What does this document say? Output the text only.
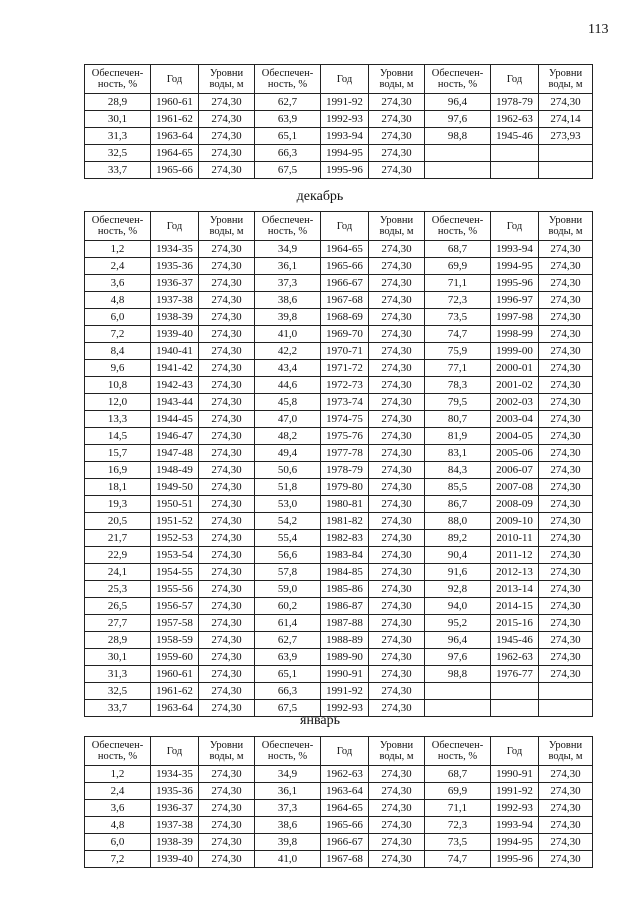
113
Обеспечен-ность, %	Год	Уровни воды, м	Обеспечен-ность, %	Год	Уровни воды, м	Обеспечен-ность, %	Год	Уровни воды, м
28,9	1960-61	274,30	62,7	1991-92	274,30	96,4	1978-79	274,30
30,1	1961-62	274,30	63,9	1992-93	274,30	97,6	1962-63	274,14
31,3	1963-64	274,30	65,1	1993-94	274,30	98,8	1945-46	273,93
32,5	1964-65	274,30	66,3	1994-95	274,30			
33,7	1965-66	274,30	67,5	1995-96	274,30			
декабрь
Обеспечен-ность, %	Год	Уровни воды, м	Обеспечен-ность, %	Год	Уровни воды, м	Обеспечен-ность, %	Год	Уровни воды, м
1,2	1934-35	274,30	34,9	1964-65	274,30	68,7	1993-94	274,30
2,4	1935-36	274,30	36,1	1965-66	274,30	69,9	1994-95	274,30
3,6	1936-37	274,30	37,3	1966-67	274,30	71,1	1995-96	274,30
4,8	1937-38	274,30	38,6	1967-68	274,30	72,3	1996-97	274,30
6,0	1938-39	274,30	39,8	1968-69	274,30	73,5	1997-98	274,30
7,2	1939-40	274,30	41,0	1969-70	274,30	74,7	1998-99	274,30
8,4	1940-41	274,30	42,2	1970-71	274,30	75,9	1999-00	274,30
9,6	1941-42	274,30	43,4	1971-72	274,30	77,1	2000-01	274,30
10,8	1942-43	274,30	44,6	1972-73	274,30	78,3	2001-02	274,30
12,0	1943-44	274,30	45,8	1973-74	274,30	79,5	2002-03	274,30
13,3	1944-45	274,30	47,0	1974-75	274,30	80,7	2003-04	274,30
14,5	1946-47	274,30	48,2	1975-76	274,30	81,9	2004-05	274,30
15,7	1947-48	274,30	49,4	1977-78	274,30	83,1	2005-06	274,30
16,9	1948-49	274,30	50,6	1978-79	274,30	84,3	2006-07	274,30
18,1	1949-50	274,30	51,8	1979-80	274,30	85,5	2007-08	274,30
19,3	1950-51	274,30	53,0	1980-81	274,30	86,7	2008-09	274,30
20,5	1951-52	274,30	54,2	1981-82	274,30	88,0	2009-10	274,30
21,7	1952-53	274,30	55,4	1982-83	274,30	89,2	2010-11	274,30
22,9	1953-54	274,30	56,6	1983-84	274,30	90,4	2011-12	274,30
24,1	1954-55	274,30	57,8	1984-85	274,30	91,6	2012-13	274,30
25,3	1955-56	274,30	59,0	1985-86	274,30	92,8	2013-14	274,30
26,5	1956-57	274,30	60,2	1986-87	274,30	94,0	2014-15	274,30
27,7	1957-58	274,30	61,4	1987-88	274,30	95,2	2015-16	274,30
28,9	1958-59	274,30	62,7	1988-89	274,30	96,4	1945-46	274,30
30,1	1959-60	274,30	63,9	1989-90	274,30	97,6	1962-63	274,30
31,3	1960-61	274,30	65,1	1990-91	274,30	98,8	1976-77	274,30
32,5	1961-62	274,30	66,3	1991-92	274,30			
33,7	1963-64	274,30	67,5	1992-93	274,30			
январь
Обеспечен-ность, %	Год	Уровни воды, м	Обеспечен-ность, %	Год	Уровни воды, м	Обеспечен-ность, %	Год	Уровни воды, м
1,2	1934-35	274,30	34,9	1962-63	274,30	68,7	1990-91	274,30
2,4	1935-36	274,30	36,1	1963-64	274,30	69,9	1991-92	274,30
3,6	1936-37	274,30	37,3	1964-65	274,30	71,1	1992-93	274,30
4,8	1937-38	274,30	38,6	1965-66	274,30	72,3	1993-94	274,30
6,0	1938-39	274,30	39,8	1966-67	274,30	73,5	1994-95	274,30
7,2	1939-40	274,30	41,0	1967-68	274,30	74,7	1995-96	274,30
